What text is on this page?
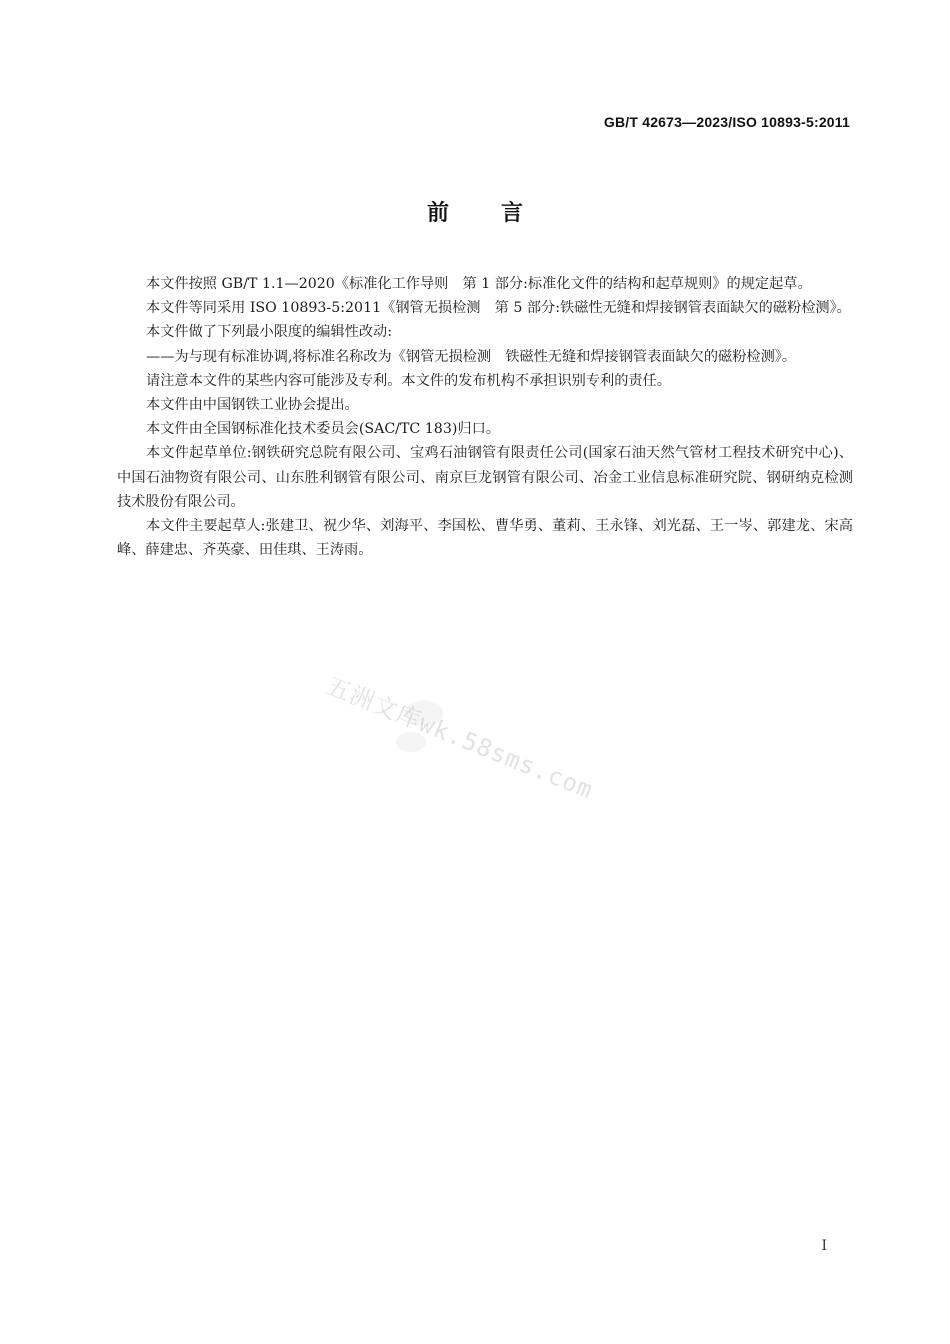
GB/T 42673—2023/ISO 10893-5:2011
前 言

本文件按照 GB/T 1.1—2020《标准化工作导则　第 1 部分:标准化文件的结构和起草规则》的规定起草。

本文件等同采用 ISO 10893-5:2011《钢管无损检测　第 5 部分:铁磁性无缝和焊接钢管表面缺欠的磁粉检测》。

本文件做了下列最小限度的编辑性改动:

——为与现有标准协调,将标准名称改为《钢管无损检测　铁磁性无缝和焊接钢管表面缺欠的磁粉检测》。

请注意本文件的某些内容可能涉及专利。本文件的发布机构不承担识别专利的责任。

本文件由中国钢铁工业协会提出。

本文件由全国钢标准化技术委员会(SAC/TC 183)归口。

本文件起草单位:钢铁研究总院有限公司、宝鸡石油钢管有限责任公司(国家石油天然气管材工程技术研究中心)、中国石油物资有限公司、山东胜利钢管有限公司、南京巨龙钢管有限公司、冶金工业信息标准研究院、钢研纳克检测技术股份有限公司。

本文件主要起草人:张建卫、祝少华、刘海平、李国松、曹华勇、董莉、王永锋、刘光磊、王一岑、郭建龙、宋高峰、薛建忠、齐英豪、田佳琪、王涛雨。

五洲文库wk.58sms.com
I
